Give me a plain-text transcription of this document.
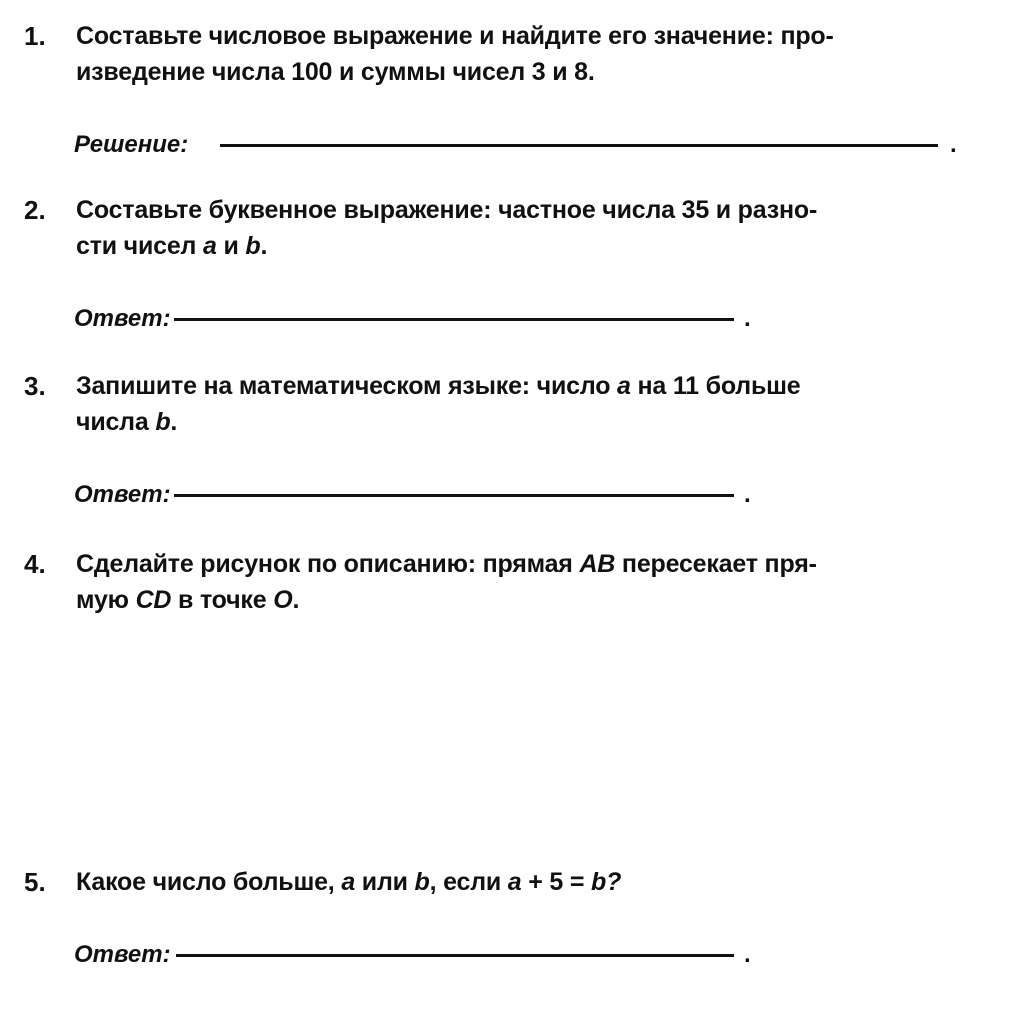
1. Составьте числовое выражение и найдите его значение: про-
изведение числа 100 и суммы чисел 3 и 8.
Решение:	.
2. Составьте буквенное выражение: частное числа 35 и разно-
сти чисел a и b.
Ответ:	.
3. Запишите на математическом языке: число a на 11 больше
числа b.
Ответ:	.
4. Сделайте рисунок по описанию: прямая AB пересекает пря-
мую CD в точке O.
5. Какое число больше, a или b, если a + 5 = b?
Ответ:	.
